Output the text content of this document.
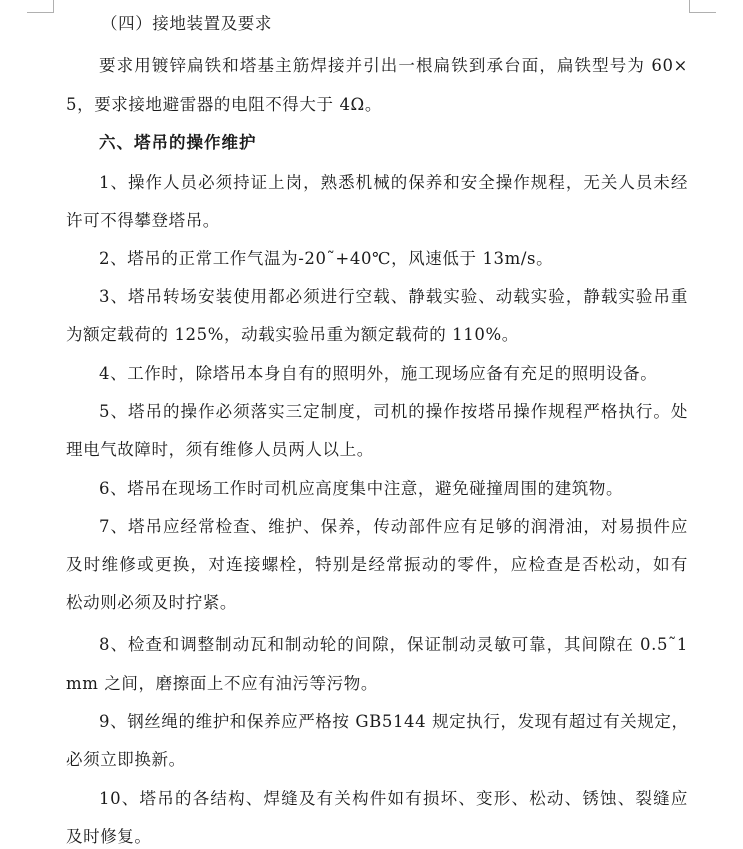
（四）接地装置及要求
要求用镀锌扁铁和塔基主筋焊接并引出一根扁铁到承台面，扁铁型号为 60×
5，要求接地避雷器的电阻不得大于 4Ω。
六、塔吊的操作维护
1、操作人员必须持证上岗，熟悉机械的保养和安全操作规程，无关人员未经
许可不得攀登塔吊。
2、塔吊的正常工作气温为-20˜+40℃，风速低于 13m/s。
3、塔吊转场安装使用都必须进行空载、静载实验、动载实验，静载实验吊重
为额定载荷的 125%，动载实验吊重为额定载荷的 110%。
4、工作时，除塔吊本身自有的照明外，施工现场应备有充足的照明设备。
5、塔吊的操作必须落实三定制度，司机的操作按塔吊操作规程严格执行。处
理电气故障时，须有维修人员两人以上。
6、塔吊在现场工作时司机应高度集中注意，避免碰撞周围的建筑物。
7、塔吊应经常检查、维护、保养，传动部件应有足够的润滑油，对易损件应
及时维修或更换，对连接螺栓，特别是经常振动的零件，应检查是否松动，如有
松动则必须及时拧紧。
8、检查和调整制动瓦和制动轮的间隙，保证制动灵敏可靠，其间隙在 0.5˜1
mm 之间，磨擦面上不应有油污等污物。
9、钢丝绳的维护和保养应严格按 GB5144 规定执行，发现有超过有关规定，
必须立即换新。
10、塔吊的各结构、焊缝及有关构件如有损坏、变形、松动、锈蚀、裂缝应
及时修复。
